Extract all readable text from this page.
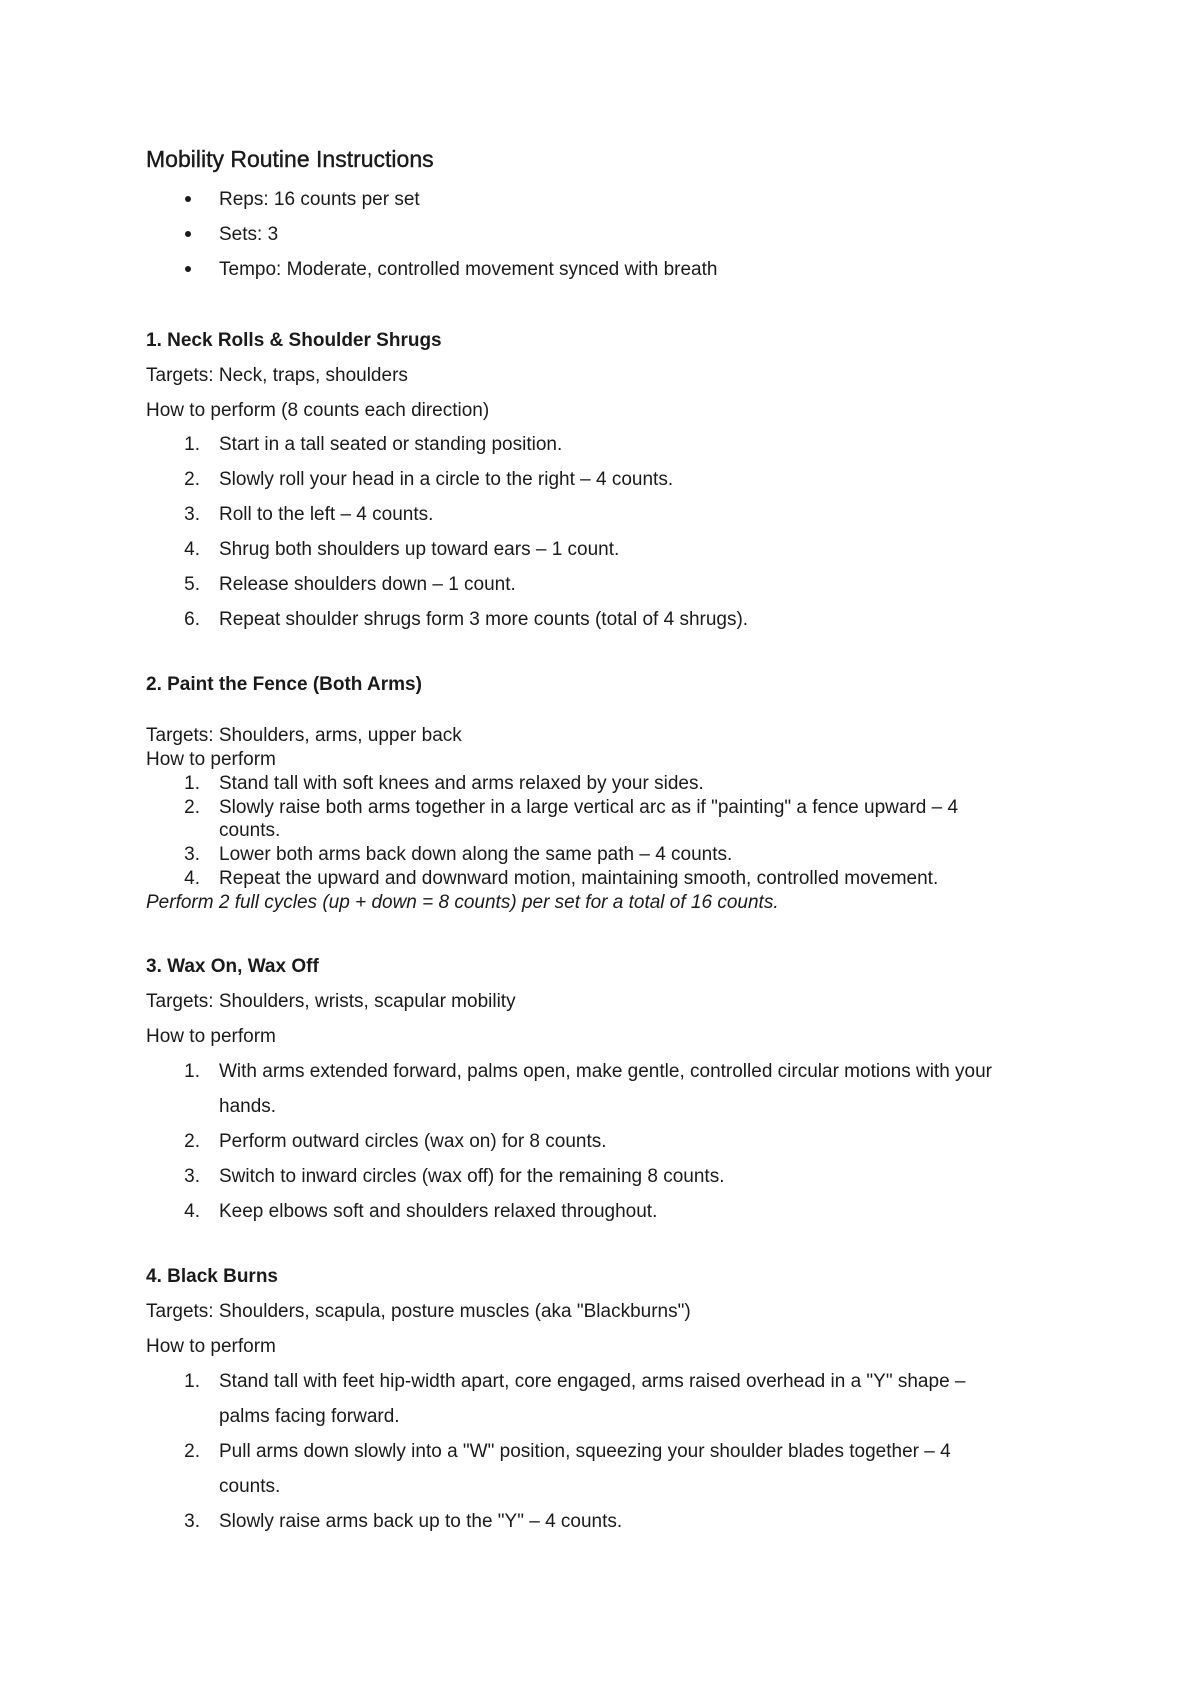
Mobility Routine Instructions
Reps: 16 counts per set
Sets: 3
Tempo: Moderate, controlled movement synced with breath
1. Neck Rolls & Shoulder Shrugs
Targets: Neck, traps, shoulders
How to perform (8 counts each direction)
1. Start in a tall seated or standing position.
2. Slowly roll your head in a circle to the right – 4 counts.
3. Roll to the left – 4 counts.
4. Shrug both shoulders up toward ears – 1 count.
5. Release shoulders down – 1 count.
6. Repeat shoulder shrugs form 3 more counts (total of 4 shrugs).
2. Paint the Fence (Both Arms)
Targets: Shoulders, arms, upper back
How to perform
1. Stand tall with soft knees and arms relaxed by your sides.
2. Slowly raise both arms together in a large vertical arc as if "painting" a fence upward – 4
counts.
3. Lower both arms back down along the same path – 4 counts.
4. Repeat the upward and downward motion, maintaining smooth, controlled movement.
Perform 2 full cycles (up + down = 8 counts) per set for a total of 16 counts.
3. Wax On, Wax Off
Targets: Shoulders, wrists, scapular mobility
How to perform
1. With arms extended forward, palms open, make gentle, controlled circular motions with your
hands.
2. Perform outward circles (wax on) for 8 counts.
3. Switch to inward circles (wax off) for the remaining 8 counts.
4. Keep elbows soft and shoulders relaxed throughout.
4. Black Burns
Targets: Shoulders, scapula, posture muscles (aka "Blackburns")
How to perform
1. Stand tall with feet hip-width apart, core engaged, arms raised overhead in a "Y" shape –
palms facing forward.
2. Pull arms down slowly into a "W" position, squeezing your shoulder blades together – 4
counts.
3. Slowly raise arms back up to the "Y" – 4 counts.
